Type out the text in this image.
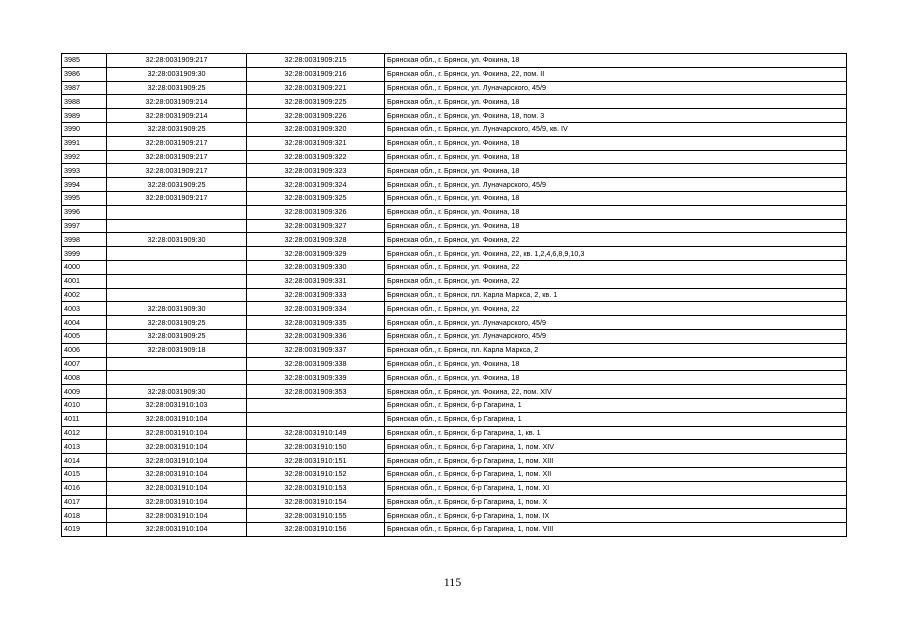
3985	32:28:0031909:217	32:28:0031909:215	Брянская обл., г. Брянск, ул. Фокина, 18
3986	32:28:0031909:30	32:28:0031909:216	Брянская обл., г. Брянск, ул. Фокина, 22, пом. II
3987	32:28:0031909:25	32:28:0031909:221	Брянская обл., г. Брянск, ул. Луначарского, 45/9
3988	32:28:0031909:214	32:28:0031909:225	Брянская обл., г. Брянск, ул. Фокина, 18
3989	32:28:0031909:214	32:28:0031909:226	Брянская обл., г. Брянск, ул. Фокина, 18, пом. 3
3990	32:28:0031909:25	32:28:0031909:320	Брянская обл., г. Брянск, ул. Луначарского, 45/9, кв. IV
3991	32:28:0031909:217	32:28:0031909:321	Брянская обл., г. Брянск, ул. Фокина, 18
3992	32:28:0031909:217	32:28:0031909:322	Брянская обл., г. Брянск, ул. Фокина, 18
3993	32:28:0031909:217	32:28:0031909:323	Брянская обл., г. Брянск, ул. Фокина, 18
3994	32:28:0031909:25	32:28:0031909:324	Брянская обл., г. Брянск, ул. Луначарского, 45/9
3995	32:28:0031909:217	32:28:0031909:325	Брянская обл., г. Брянск, ул. Фокина, 18
3996		32:28:0031909:326	Брянская обл., г. Брянск, ул. Фокина, 18
3997		32:28:0031909:327	Брянская обл., г. Брянск, ул. Фокина, 18
3998	32:28:0031909:30	32:28:0031909:328	Брянская обл., г. Брянск, ул. Фокина, 22
3999		32:28:0031909:329	Брянская обл., г. Брянск, ул. Фокина, 22, кв. 1,2,4,6,8,9,10,3
4000		32:28:0031909:330	Брянская обл., г. Брянск, ул. Фокина, 22
4001		32:28:0031909:331	Брянская обл., г. Брянск, ул. Фокина, 22
4002		32:28:0031909:333	Брянская обл., г. Брянск, пл. Карла Маркса, 2, кв. 1
4003	32:28:0031909:30	32:28:0031909:334	Брянская обл., г. Брянск, ул. Фокина, 22
4004	32:28:0031909:25	32:28:0031909:335	Брянская обл., г. Брянск, ул. Луначарского, 45/9
4005	32:28:0031909:25	32:28:0031909:336	Брянская обл., г. Брянск, ул. Луначарского, 45/9
4006	32:28:0031909:18	32:28:0031909:337	Брянская обл., г. Брянск, пл. Карла Маркса, 2
4007		32:28:0031909:338	Брянская обл., г. Брянск, ул. Фокина, 18
4008		32:28:0031909:339	Брянская обл., г. Брянск, ул. Фокина, 18
4009	32:28:0031909:30	32:28:0031909:353	Брянская обл., г. Брянск, ул. Фокина, 22, пом. XIV
4010	32:28:0031910:103		Брянская обл., г. Брянск, б-р Гагарина, 1
4011	32:28:0031910:104		Брянская обл., г. Брянск, б-р Гагарина, 1
4012	32:28:0031910:104	32:28:0031910:149	Брянская обл., г. Брянск, б-р Гагарина, 1, кв. 1
4013	32:28:0031910:104	32:28:0031910:150	Брянская обл., г. Брянск, б-р Гагарина, 1, пом. XIV
4014	32:28:0031910:104	32:28:0031910:151	Брянская обл., г. Брянск, б-р Гагарина, 1, пом. XIII
4015	32:28:0031910:104	32:28:0031910:152	Брянская обл., г. Брянск, б-р Гагарина, 1, пом. XII
4016	32:28:0031910:104	32:28:0031910:153	Брянская обл., г. Брянск, б-р Гагарина, 1, пом. XI
4017	32:28:0031910:104	32:28:0031910:154	Брянская обл., г. Брянск, б-р Гагарина, 1, пом. X
4018	32:28:0031910:104	32:28:0031910:155	Брянская обл., г. Брянск, б-р Гагарина, 1, пом. IX
4019	32:28:0031910:104	32:28:0031910:156	Брянская обл., г. Брянск, б-р Гагарина, 1, пом. VIII
115
